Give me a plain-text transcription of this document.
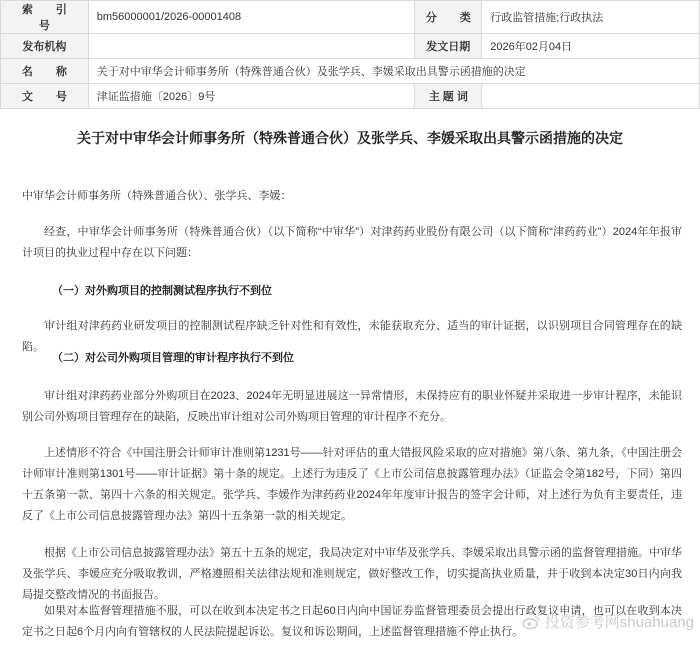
索 引 号	bm56000001/2026-00001408	分 类	行政监管措施;行政执法
发布机构		发文日期	2026年02月04日
名 称	关于对中审华会计师事务所（特殊普通合伙）及张学兵、李媛采取出具警示函措施的决定		
文 号	津证监措施〔2026〕9号	主 题 词	
关于对中审华会计师事务所（特殊普通合伙）及张学兵、李媛采取出具警示函措施的决定
中审华会计师事务所（特殊普通合伙）、张学兵、李媛：
经查，中审华会计师事务所（特殊普通合伙）（以下简称“中审华”）对津药药业股份有限公司（以下简称“津药药业”）2024年年报审计项目的执业过程中存在以下问题：
（一）对外购项目的控制测试程序执行不到位
审计组对津药药业研发项目的控制测试程序缺乏针对性和有效性，未能获取充分、适当的审计证据，以识别项目合同管理存在的缺陷。
（二）对公司外购项目管理的审计程序执行不到位
审计组对津药药业部分外购项目在2023、2024年无明显进展这一异常情形，未保持应有的职业怀疑并采取进一步审计程序，未能识别公司外购项目管理存在的缺陷，反映出审计组对公司外购项目管理的审计程序不充分。
上述情形不符合《中国注册会计师审计准则第1231号——针对评估的重大错报风险采取的应对措施》第八条、第九条，《中国注册会计师审计准则第1301号——审计证据》第十条的规定。上述行为违反了《上市公司信息披露管理办法》（证监会令第182号，下同）第四十五条第一款、第四十六条的相关规定。张学兵、李媛作为津药药业2024年年度审计报告的签字会计师，对上述行为负有主要责任，违反了《上市公司信息披露管理办法》第四十五条第一款的相关规定。
根据《上市公司信息披露管理办法》第五十五条的规定，我局决定对中审华及张学兵、李媛采取出具警示函的监督管理措施。中审华及张学兵、李媛应充分吸取教训，严格遵照相关法律法规和准则规定，做好整改工作，切实提高执业质量，并于收到本决定30日内向我局提交整改情况的书面报告。
如果对本监督管理措施不服，可以在收到本决定书之日起60日内向中国证券监督管理委员会提出行政复议申请，也可以在收到本决定书之日起6个月内向有管辖权的人民法院提起诉讼。复议和诉讼期间，上述监督管理措施不停止执行。
投资参考网shuahuang
